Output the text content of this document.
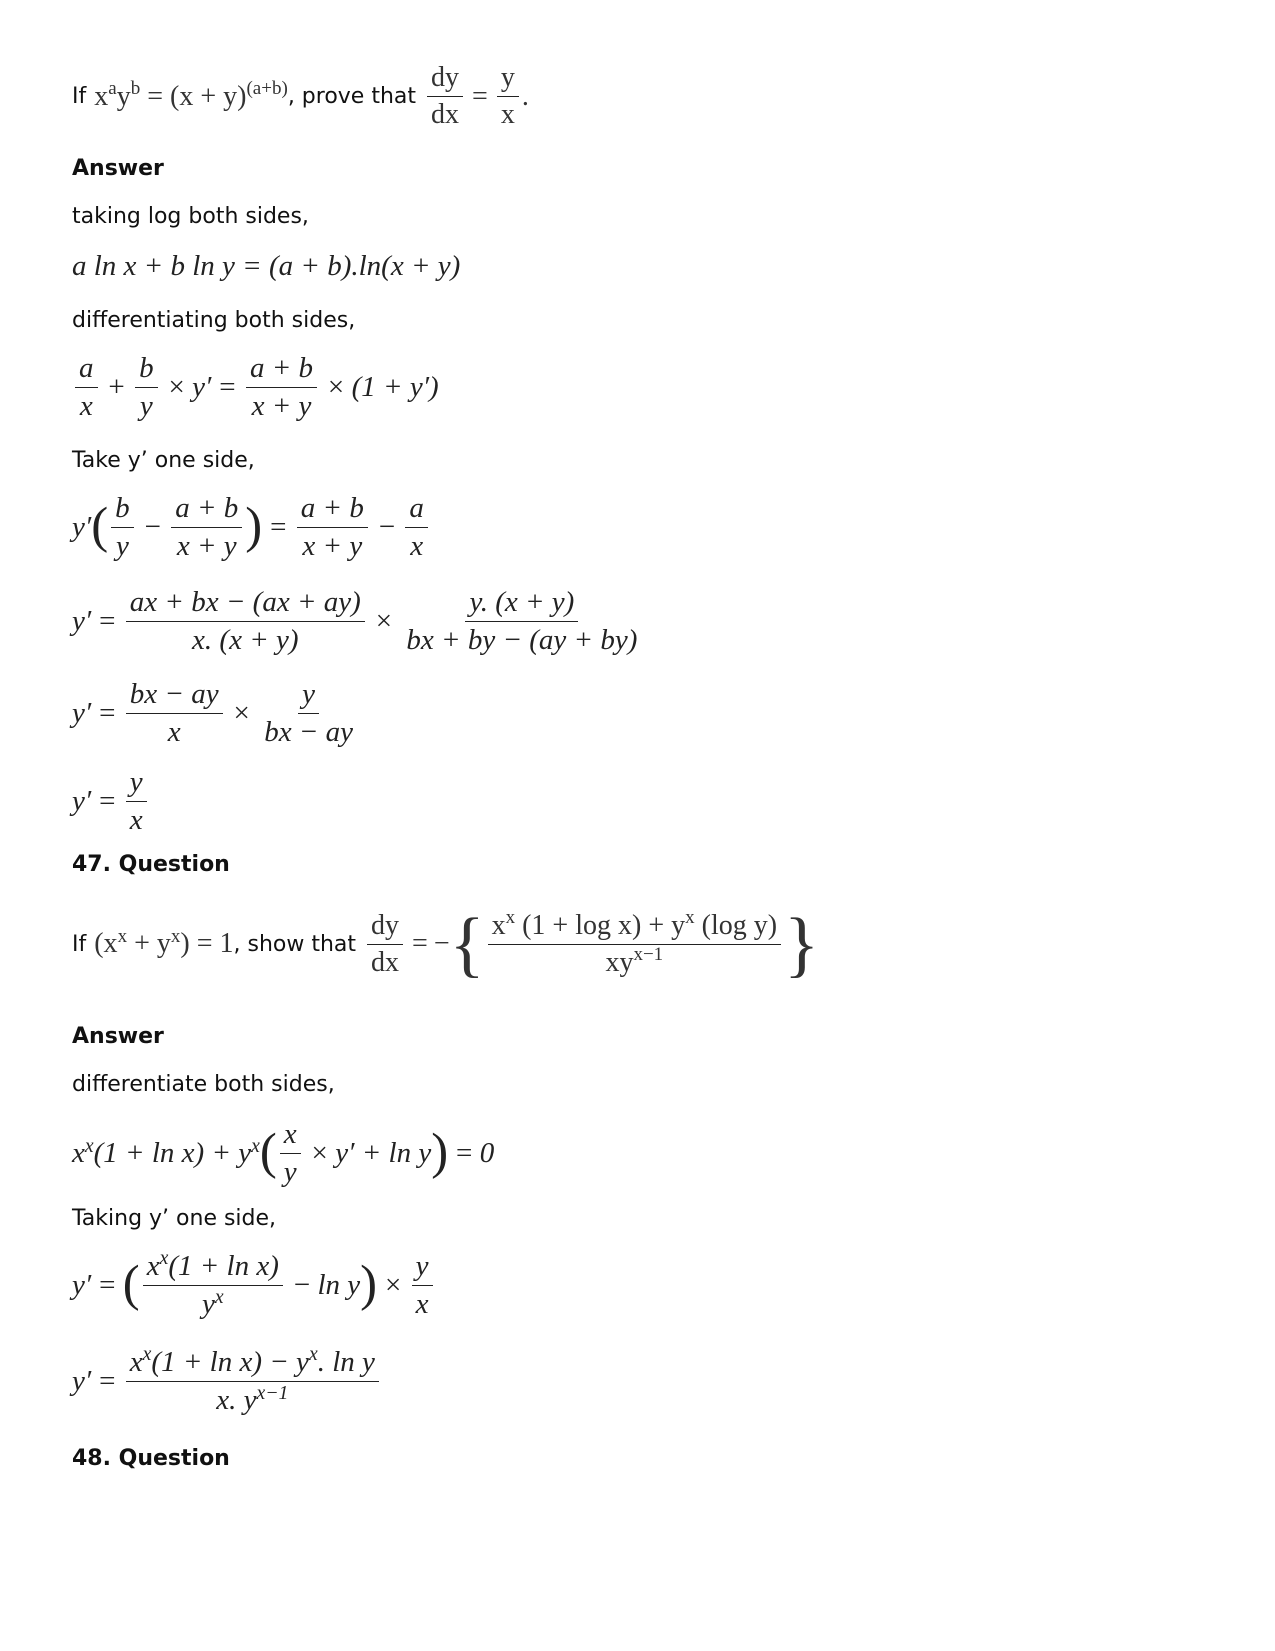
If $x^ay^b = (x + y)^{(a+b)}$ , prove that $\frac{dy}{dx} = \frac{y}{x}$ .
Answer
taking log both sides,
a ln x + b ln y = (a + b).ln(x + y)
differentiating both sides,
$\frac{a}{x} + \frac{b}{y} \times y' = \frac{a + b}{x + y} \times (1 + y')$
Take y’ one side,
y′ ( $\frac{b}{y} - \frac{a + b}{x + y}$ ) = $\frac{a + b}{x + y} - \frac{a}{x}$
$y' = \frac{ax + bx - (ax + ay)}{x. (x + y)} \times \frac{y. (x + y)}{bx + by - (ay + by)}$
$y' = \frac{bx - ay}{x} \times \frac{y}{bx - ay}$
$y' = \frac{y}{x}$
47. Question
If $(x^x + y^x) = 1$ , show that $\frac{dy}{dx}$ = − { $\frac{x^x (1 + \log x) + y^x (\log y)}{xy^{x-1}}$ }
Answer
differentiate both sides,
$x^x(1 + \ln x) + y^x$ ( $\frac{x}{y} \times y' + \ln y$ ) = 0
Taking y’ one side,
y′ = ( $\frac{x^x(1 + \ln x)}{y^x} - \ln y$ ) × $\frac{y}{x}$
$y' = \frac{x^x(1 + \ln x) - y^x. \ln y}{x. y^{x-1}}$
48. Question
